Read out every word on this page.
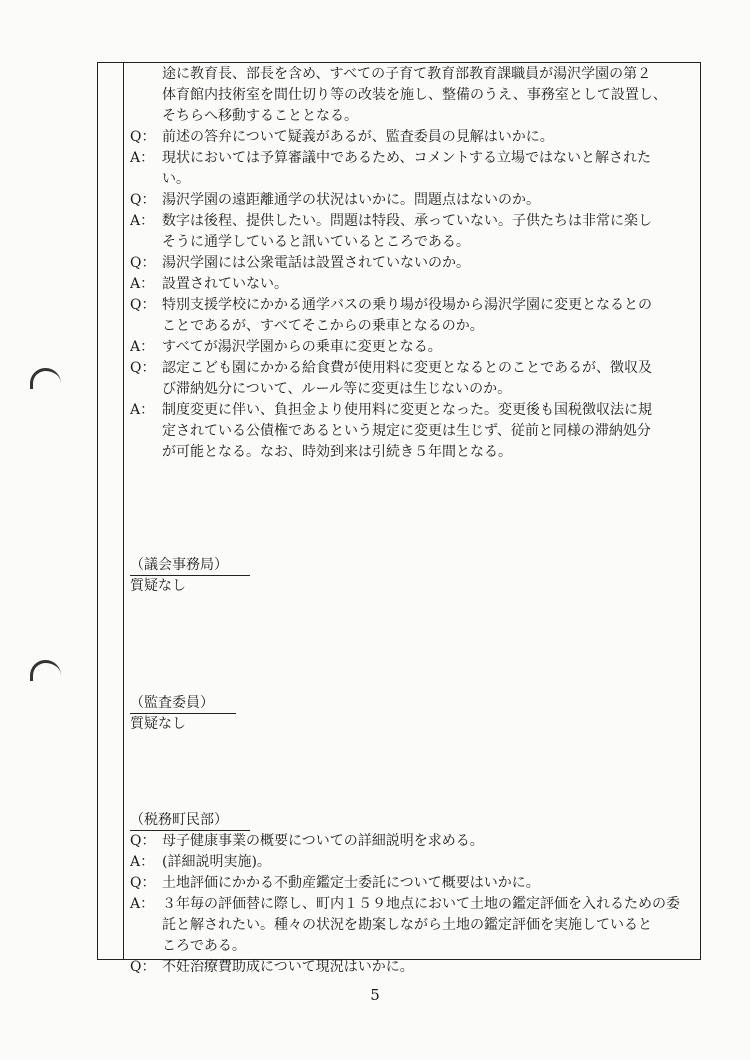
途に教育長、部長を含め、すべての子育て教育部教育課職員が湯沢学園の第２
体育館内技術室を間仕切り等の改装を施し、整備のうえ、事務室として設置し、
そちらへ移動することとなる。
Q： 前述の答弁について疑義があるが、監査委員の見解はいかに。
A： 現状においては予算審議中であるため、コメントする立場ではないと解された
い。
Q： 湯沢学園の遠距離通学の状況はいかに。問題点はないのか。
A： 数字は後程、提供したい。問題は特段、承っていない。子供たちは非常に楽し
そうに通学していると訊いているところである。
Q： 湯沢学園には公衆電話は設置されていないのか。
A： 設置されていない。
Q： 特別支援学校にかかる通学バスの乗り場が役場から湯沢学園に変更となるとの
ことであるが、すべてそこからの乗車となるのか。
A： すべてが湯沢学園からの乗車に変更となる。
Q： 認定こども園にかかる給食費が使用料に変更となるとのことであるが、徴収及
び滞納処分について、ルール等に変更は生じないのか。
A： 制度変更に伴い、負担金より使用料に変更となった。変更後も国税徴収法に規
定されている公債権であるという規定に変更は生じず、従前と同様の滞納処分
が可能となる。なお、時効到来は引続き５年間となる。
（議会事務局）
質疑なし
（監査委員）
質疑なし
（税務町民部）
Q： 母子健康事業の概要についての詳細説明を求める。
A： (詳細説明実施)。
Q： 土地評価にかかる不動産鑑定士委託について概要はいかに。
A： ３年毎の評価替に際し、町内１５９地点において土地の鑑定評価を入れるための委
託と解されたい。種々の状況を勘案しながら土地の鑑定評価を実施していると
ころである。
Q： 不妊治療費助成について現況はいかに。
5
